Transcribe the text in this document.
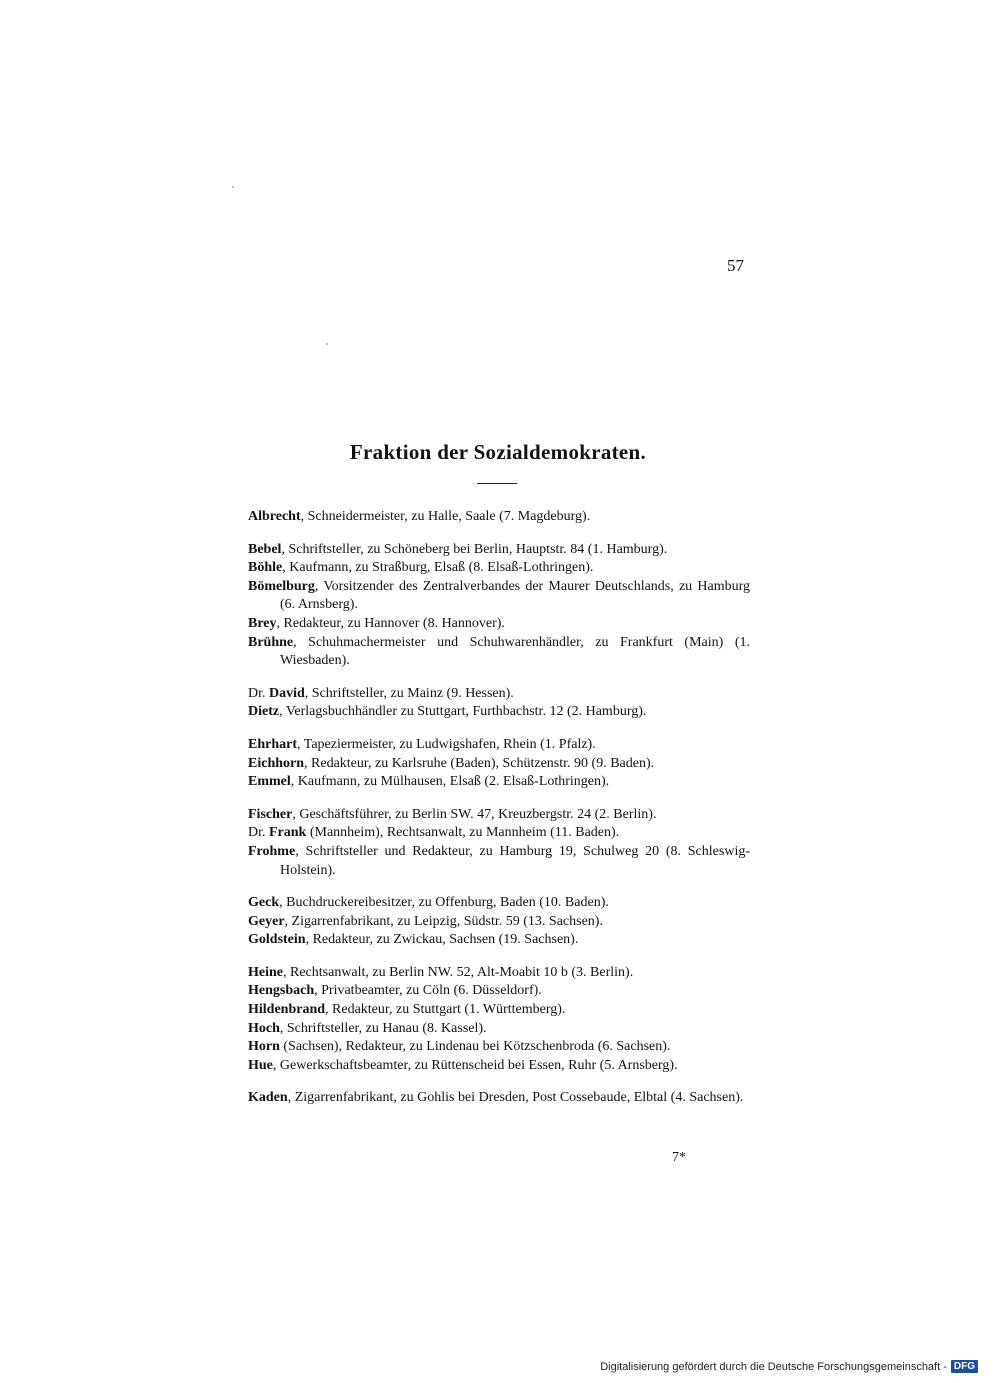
57
Fraktion der Sozialdemokraten.
Albrecht, Schneidermeister, zu Halle, Saale (7. Magdeburg).
Bebel, Schriftsteller, zu Schöneberg bei Berlin, Hauptstr. 84 (1. Hamburg).
Böhle, Kaufmann, zu Straßburg, Elsaß (8. Elsaß-Lothringen).
Bömelburg, Vorsitzender des Zentralverbandes der Maurer Deutschlands, zu Hamburg (6. Arnsberg).
Brey, Redakteur, zu Hannover (8. Hannover).
Brühne, Schuhmachermeister und Schuhwarenhändler, zu Frankfurt (Main) (1. Wiesbaden).
Dr. David, Schriftsteller, zu Mainz (9. Hessen).
Dietz, Verlagsbuchhändler zu Stuttgart, Furthbachstr. 12 (2. Hamburg).
Ehrhart, Tapeziermeister, zu Ludwigshafen, Rhein (1. Pfalz).
Eichhorn, Redakteur, zu Karlsruhe (Baden), Schützenstr. 90 (9. Baden).
Emmel, Kaufmann, zu Mülhausen, Elsaß (2. Elsaß-Lothringen).
Fischer, Geschäftsführer, zu Berlin SW. 47, Kreuzbergstr. 24 (2. Berlin).
Dr. Frank (Mannheim), Rechtsanwalt, zu Mannheim (11. Baden).
Frohme, Schriftsteller und Redakteur, zu Hamburg 19, Schulweg 20 (8. Schleswig-Holstein).
Geck, Buchdruckereibesitzer, zu Offenburg, Baden (10. Baden).
Geyer, Zigarrenfabrikant, zu Leipzig, Südstr. 59 (13. Sachsen).
Goldstein, Redakteur, zu Zwickau, Sachsen (19. Sachsen).
Heine, Rechtsanwalt, zu Berlin NW. 52, Alt-Moabit 10 b (3. Berlin).
Hengsbach, Privatbeamter, zu Cöln (6. Düsseldorf).
Hildenbrand, Redakteur, zu Stuttgart (1. Württemberg).
Hoch, Schriftsteller, zu Hanau (8. Kassel).
Horn (Sachsen), Redakteur, zu Lindenau bei Kötzschenbroda (6. Sachsen).
Hue, Gewerkschaftsbeamter, zu Rüttenscheid bei Essen, Ruhr (5. Arnsberg).
Kaden, Zigarrenfabrikant, zu Gohlis bei Dresden, Post Cossebaude, Elbtal (4. Sachsen).
7*
Digitalisierung gefördert durch die Deutsche Forschungsgemeinschaft - DFG
